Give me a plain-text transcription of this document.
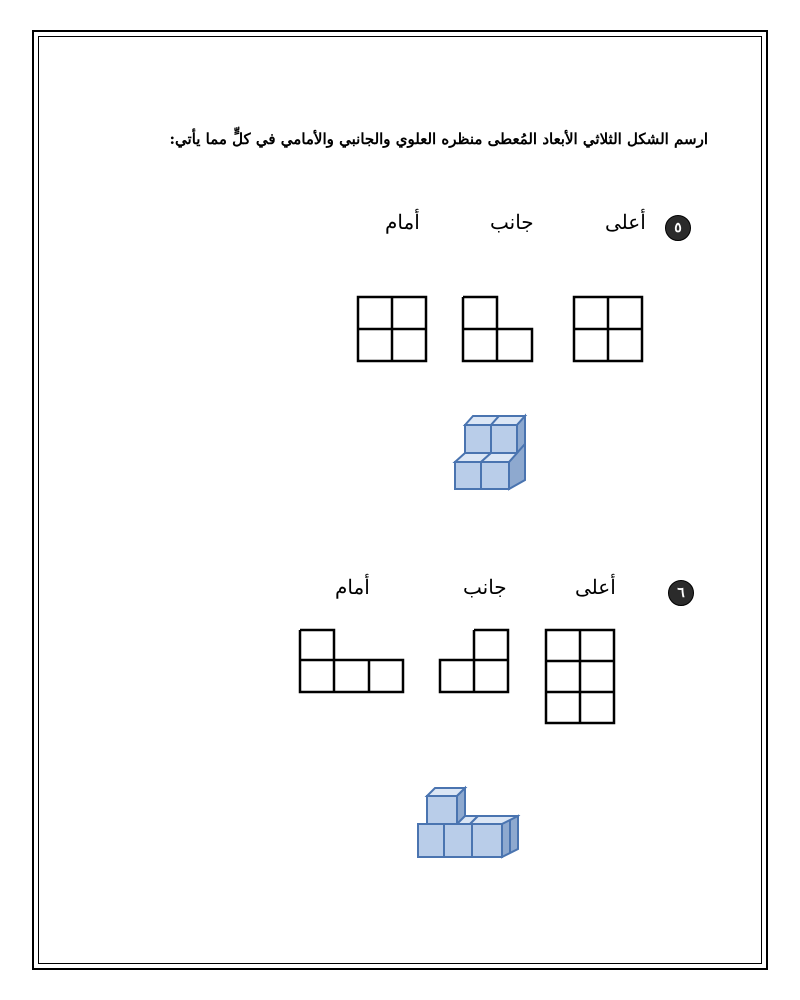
ارسم الشكل الثلاثي الأبعاد المُعطى منظره العلوي والجانبي والأمامي في كلٍّ مما يأتي:
٥
أعلى
جانب
أمام
٦
أعلى
جانب
أمام
